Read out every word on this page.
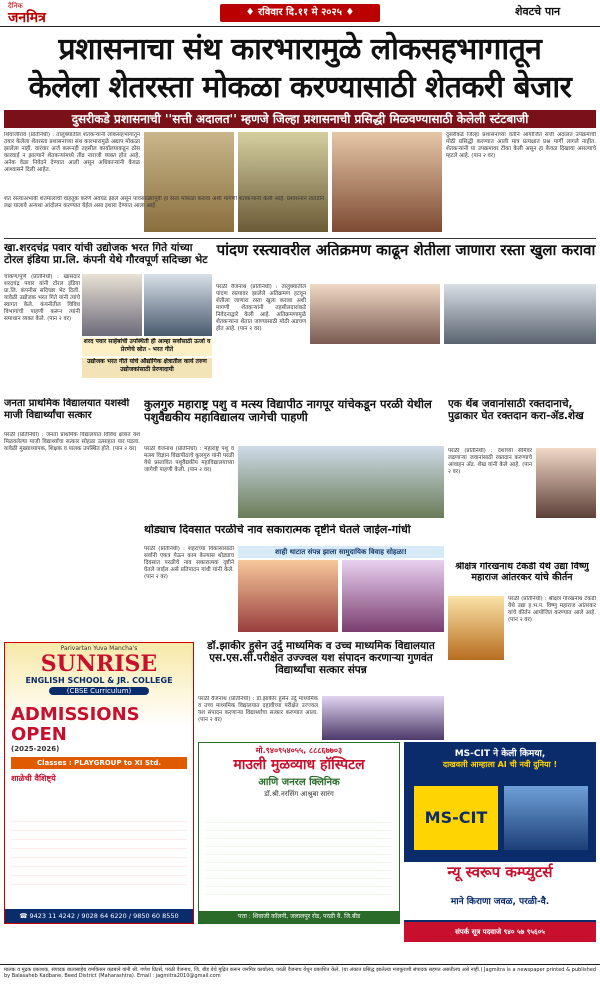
दैनिक
जनमित्र	♦ रविवार दि.११ मे २०२५ ♦	शेवटचे पान
प्रशासनाचा संथ कारभारामुळे लोकसहभागातून
केलेला शेतरस्ता मोकळा करण्यासाठी शेतकरी बेजार
दुसरीकडे प्रशासनाची ''सत्ती अदालत'' म्हणजे जिल्हा प्रशासनाची प्रसिद्धी मिळवण्यासाठी केलेली स्टंटबाजी
शिवाजीराव (प्रतिनिधी) : तालुक्यातील शेतकऱ्यांनी लोकसहभागातून तयार केलेला शेतरस्ता प्रशासनाच्या संथ कारभारामुळे अद्याप मोकळा झालेला नाही. वारंवार अर्ज करूनही तहसील कार्यालयाकडून ठोस कारवाई न झाल्याने शेतकऱ्यांमध्ये तीव्र नाराजी व्यक्त होत आहे. अनेक वेळा निवेदने देण्यात आली असून अधिकाऱ्यांनी केवळ आश्वासने दिली आहेत.
दुसरीकडे जिल्हा प्रशासनाच्या वतीने आयोजित सत्ती अदालत उपक्रमाची मोठी प्रसिद्धी करण्यात आली मात्र प्रत्यक्षात प्रश्न मार्गी लागले नाहीत. शेतकऱ्यांनी या उपक्रमावर टीका केली असून हा केवळ दिखावा असल्याचे म्हटले आहे. (पान २ वर)
शेत रस्त्यांअभावी शेतमालाची वाहतूक करणे अवघड झाले असून पावसाळ्यापूर्वी हा रस्ता मोकळा करावा अशी मागणी शेतकऱ्यांनी केली आहे. प्रशासनाने तातडीने लक्ष घालावे अन्यथा आंदोलन करण्यात येईल असा इशारा देण्यात आला आहे.
खा.शरदचंद्र पवार यांची उद्योजक भरत गिते यांच्या टोरल इंडिया प्रा.लि. कंपनी येथे गौरवपूर्ण सदिच्छा भेट
चाकण/पुणे (प्रतिनिधी) : खासदार शरदचंद्र पवार यांनी टोरल इंडिया प्रा.लि. कंपनीस सदिच्छा भेट दिली. यावेळी उद्योजक भरत गिते यांनी त्यांचे स्वागत केले. कंपनीतील विविध विभागांची पाहणी करून त्यांनी समाधान व्यक्त केले. (पान २ वर)
शरद पवार साहेबांची उपस्थिती ही आम्हा सर्वांसाठी ऊर्जा व प्रेरणेचे स्रोत - भरत गीते
उद्योजक भरत गीते यांचे औद्योगिक क्षेत्रातील कार्य तरुण उद्योजकांसाठी प्रेरणादायी
पांदण रस्त्यावरील अतिक्रमण काढून शेतीला जाणारा रस्ता खुला करावा
परळी वैजनाथ (प्रतिनिधी) : तालुक्यातील पांदण रस्त्यावर झालेले अतिक्रमण हटवून शेतीला जाणारा रस्ता खुला करावा अशी मागणी शेतकऱ्यांनी तहसीलदारांकडे निवेदनाद्वारे केली आहे. अतिक्रमणामुळे शेतकऱ्यांना शेतात जाण्यासाठी मोठी अडचण होत आहे. (पान २ वर)
जनता प्राथमिक विद्यालयात यशस्वी माजी विद्यार्थ्यांचा सत्कार
परळी (प्रतिनिधी) : जनता प्राथमिक विद्यालयात विविध क्षेत्रात यश मिळवलेल्या माजी विद्यार्थ्यांचा सत्कार सोहळा उत्साहात पार पडला. यावेळी मुख्याध्यापक, शिक्षक व पालक उपस्थित होते. (पान २ वर)
कुलगुरु महाराष्ट्र पशु व मत्स्य विद्यापीठ नागपूर यांचेकडून परळी येथील पशुवैद्यकीय महाविद्यालय जागेची पाहणी
परळी वैजनाथ (प्रतिनिधी) : महाराष्ट्र पशु व मत्स्य विज्ञान विद्यापीठाचे कुलगुरु यांनी परळी येथे प्रस्तावित पशुवैद्यकीय महाविद्यालयाच्या जागेची पाहणी केली. (पान २ वर)
एक थेंब जवानांसाठी रक्तदानाचे, पुढाकार घेत रक्तदान करा-ॲड.शेख
परळी (प्रतिनिधी) : देशाच्या सीमेवर लढणाऱ्या जवानांसाठी रक्तदान करण्याचे आवाहन ॲड. शेख यांनी केले आहे. (पान २ वर)
थोड्याच दिवसात परळीचे नाव सकारात्मक दृष्टीने घेतले जाईल-गांधी
शाही थाटात संपन्न झाला सामुदायिक विवाह सोहळा!
परळी (प्रतिनिधी) : शहराच्या विकासासाठी सर्वांनी एकत्र येऊन काम केल्यास थोड्याच दिवसात परळीचे नाव सकारात्मक दृष्टीने घेतले जाईल असे प्रतिपादन गांधी यांनी केले. (पान २ वर)
श्रीक्षेत्र गोरखनाथ टेकडी येथे उद्या विष्णु महाराज आंतरकर यांचे कीर्तन
परळी (प्रतिनिधी) : श्रीक्षेत्र गोरखनाथ टेकडी येथे उद्या ह.भ.प. विष्णु महाराज आंतरकर यांचे कीर्तन आयोजित करण्यात आले आहे. (पान २ वर)
डॉ.झाकीर हुसेन उर्दु माध्यमिक व उच्च माध्यमिक विद्यालयात एस.एस.सी.परीक्षेत उज्ज्वल यश संपादन करणाऱ्या गुणवंत विद्यार्थ्यांचा सत्कार संपन्न
परळी वैजनाथ (प्रतिनिधी) : डॉ.झाकीर हुसेन उर्दु माध्यमिक व उच्च माध्यमिक विद्यालयात दहावीच्या परीक्षेत उज्ज्वल यश संपादन करणाऱ्या विद्यार्थ्यांचा सत्कार करण्यात आला. (पान २ वर)
Parivartan Yuva Mancha's
SUNRISE
ENGLISH SCHOOL & JR. COLLEGE
(CBSE Curriculum)
ADMISSIONS OPEN
(2025-2026)
Classes : PLAYGROUP to XI Std.
शाळेची वैशिष्ट्ये
☎ 9423 11 4242 / 9028 64 6220 / 9850 60 8550
मो.९४०९५४०५५, ८८८६७७०३
माउली मुळव्याध हॉस्पिटल
आणि जनरल क्लिनिक
डॉ.श्री.नरसिंग आश्रुबा सारंग
पत्ता : शिवाजी कॉलनी, जलालपुर रोड, परळी वै. जि.बीड
MS-CIT ने केली किमया,
दाखवली आम्हाला AI ची नवी दुनिया !
MS-CIT
न्यू स्वरूप कम्प्युटर्स
माने किराणा जवळ, परळी-वै.
संपर्क सूत्र पदवाजे ९४० ५७ ९५६०५
मालक व मुद्रक प्रकाशक, संपादक बालासाहेब रामकिसन कडबाने यांनी श्री. गणेश प्रिंटर्स, परळी वैजनाथ, जि. बीड येथे मुद्रित करून जनमित्र कार्यालय, परळी वैजनाथ येथून प्रकाशित केले. (या अंकात प्रसिद्ध झालेल्या मजकुराशी संपादक सहमत असतीलच असे नाही.) Jagmitra is a newspaper printed & published by Balasaheb Kadbane, Beed District (Maharashtra). Email : jagmitra2010@gmail.com
